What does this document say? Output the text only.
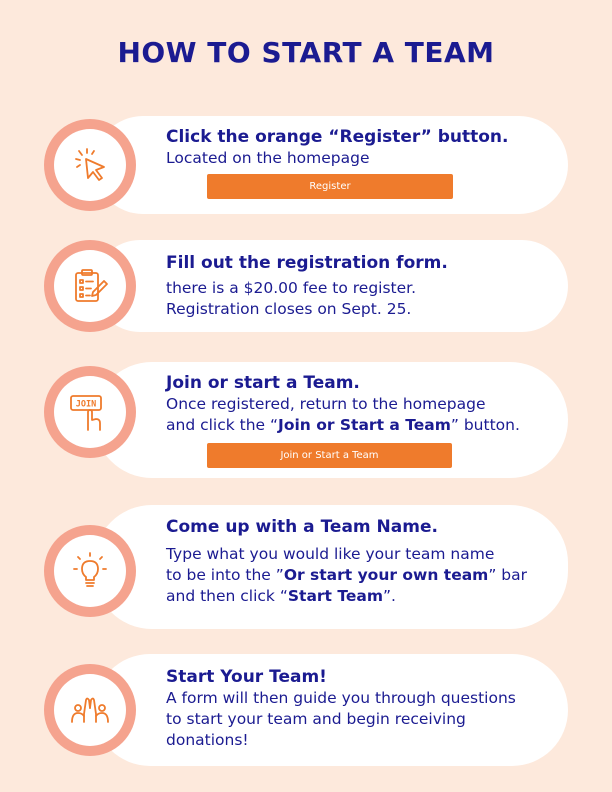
HOW TO START A TEAM
Click the orange “Register” button.
Located on the homepage
Register
Fill out the registration form.
there is a $20.00 fee to register.
Registration closes on Sept. 25.
JOIN
Join or start a Team.
Once registered, return to the homepage
and click the “Join or Start a Team” button.
Join or Start a Team
Come up with a Team Name.
Type what you would like your team name
to be into the ”Or start your own team” bar
and then click “Start Team”.
Start Your Team!
A form will then guide you through questions
to start your team and begin receiving
donations!
